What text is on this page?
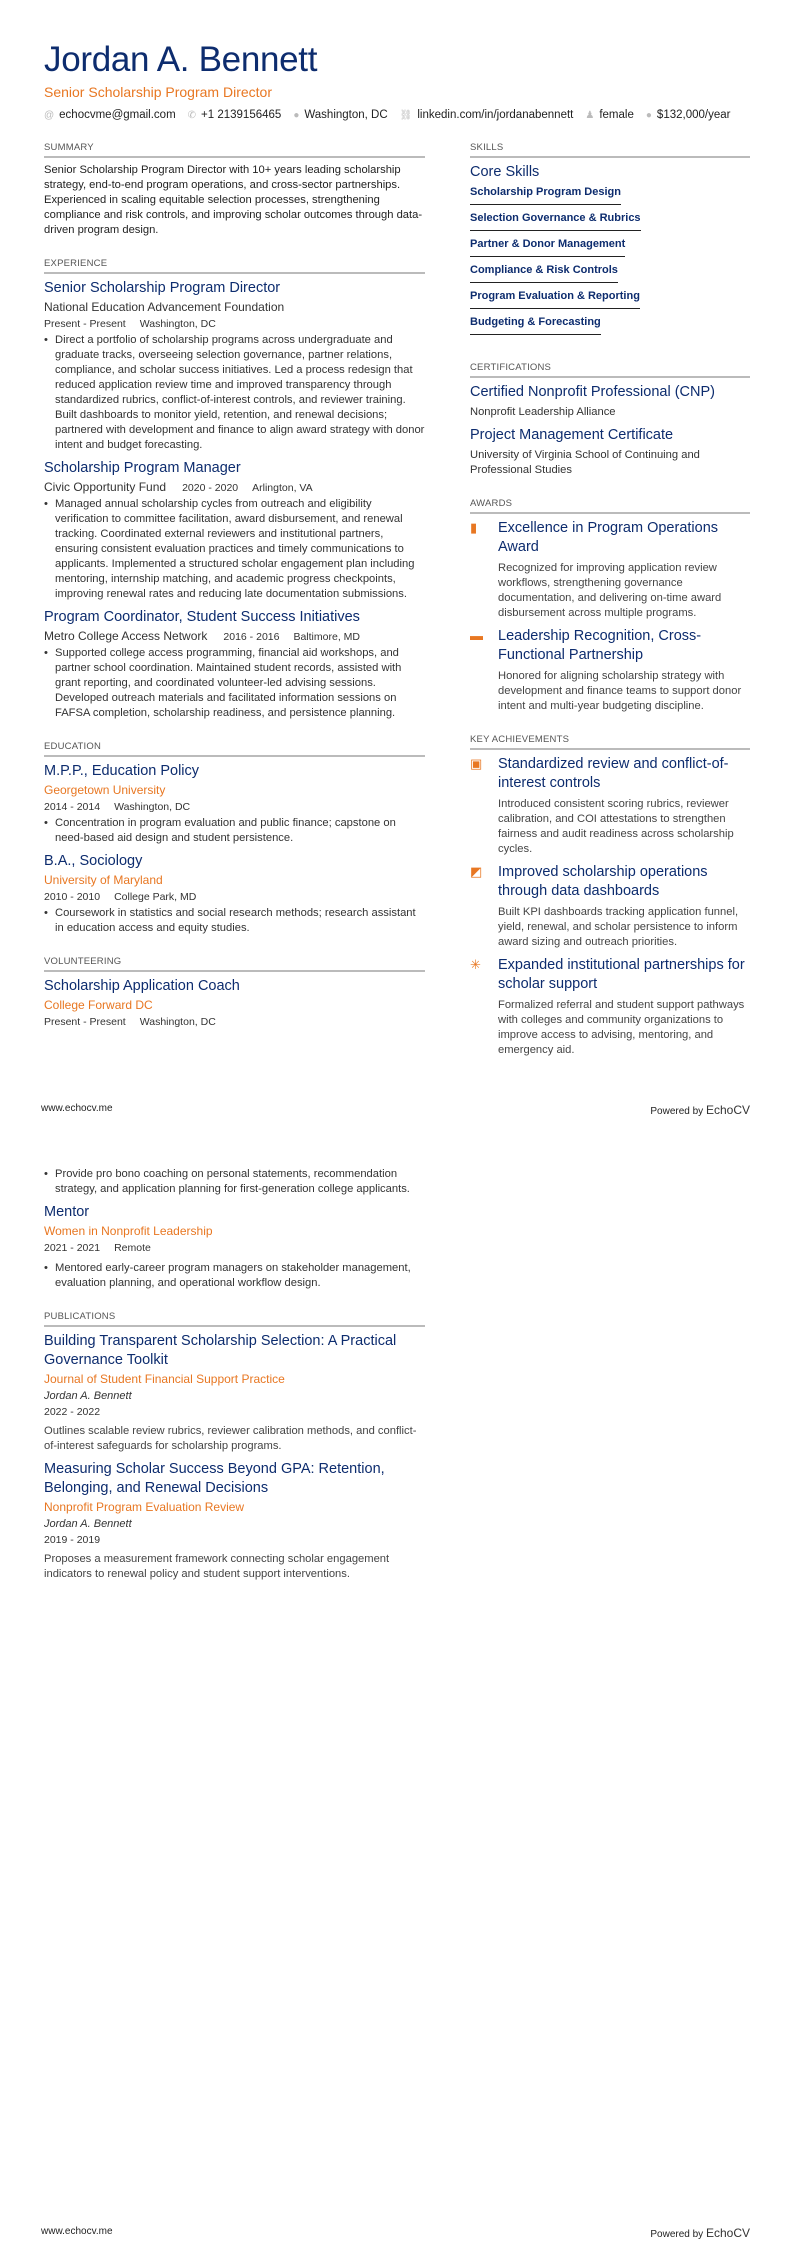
Jordan A. Bennett
Senior Scholarship Program Director
@ echocvme@gmail.com ✆ +1 2139156465 ● Washington, DC ⛓ linkedin.com/in/jordanabennett ♟ female ● $132,000/year
SUMMARY
Senior Scholarship Program Director with 10+ years leading scholarship strategy, end-to-end program operations, and cross-sector partnerships. Experienced in scaling equitable selection processes, strengthening compliance and risk controls, and improving scholar outcomes through data-driven program design.
EXPERIENCE
Senior Scholarship Program Director
National Education Advancement Foundation
Present - Present Washington, DC
• Direct a portfolio of scholarship programs across undergraduate and graduate tracks, overseeing selection governance, partner relations, compliance, and scholar success initiatives. Led a process redesign that reduced application review time and improved transparency through standardized rubrics, conflict-of-interest controls, and reviewer training. Built dashboards to monitor yield, retention, and renewal decisions; partnered with development and finance to align award strategy with donor intent and budget forecasting.
Scholarship Program Manager
Civic Opportunity Fund 2020 - 2020 Arlington, VA
• Managed annual scholarship cycles from outreach and eligibility verification to committee facilitation, award disbursement, and renewal tracking. Coordinated external reviewers and institutional partners, ensuring consistent evaluation practices and timely communications to applicants. Implemented a structured scholar engagement plan including mentoring, internship matching, and academic progress checkpoints, improving renewal rates and reducing late documentation submissions.
Program Coordinator, Student Success Initiatives
Metro College Access Network 2016 - 2016 Baltimore, MD
• Supported college access programming, financial aid workshops, and partner school coordination. Maintained student records, assisted with grant reporting, and coordinated volunteer-led advising sessions. Developed outreach materials and facilitated information sessions on FAFSA completion, scholarship readiness, and persistence planning.
EDUCATION
M.P.P., Education Policy
Georgetown University
2014 - 2014 Washington, DC
• Concentration in program evaluation and public finance; capstone on need-based aid design and student persistence.
B.A., Sociology
University of Maryland
2010 - 2010 College Park, MD
• Coursework in statistics and social research methods; research assistant in education access and equity studies.
VOLUNTEERING
Scholarship Application Coach
College Forward DC
Present - Present Washington, DC
SKILLS
Core Skills
Scholarship Program Design
Selection Governance & Rubrics
Partner & Donor Management
Compliance & Risk Controls
Program Evaluation & Reporting
Budgeting & Forecasting
CERTIFICATIONS
Certified Nonprofit Professional (CNP)
Nonprofit Leadership Alliance
Project Management Certificate
University of Virginia School of Continuing and Professional Studies
AWARDS
▮	Excellence in Program Operations Award
Recognized for improving application review workflows, strengthening governance documentation, and delivering on-time award disbursement across multiple programs.
▬ Leadership Recognition, Cross-Functional Partnership
Honored for aligning scholarship strategy with development and finance teams to support donor intent and multi-year budgeting discipline.
KEY ACHIEVEMENTS
▣ Standardized review and conflict-of-interest controls
Introduced consistent scoring rubrics, reviewer calibration, and COI attestations to strengthen fairness and audit readiness across scholarship cycles.
◩ Improved scholarship operations through data dashboards
Built KPI dashboards tracking application funnel, yield, renewal, and scholar persistence to inform award sizing and outreach priorities.
✳ Expanded institutional partnerships for scholar support
Formalized referral and student support pathways with colleges and community organizations to improve access to advising, mentoring, and emergency aid.
www.echocv.me	Powered by EchoCV
• Provide pro bono coaching on personal statements, recommendation strategy, and application planning for first-generation college applicants.
Mentor
Women in Nonprofit Leadership
2021 - 2021 Remote
• Mentored early-career program managers on stakeholder management, evaluation planning, and operational workflow design.
PUBLICATIONS
Building Transparent Scholarship Selection: A Practical Governance Toolkit
Journal of Student Financial Support Practice
Jordan A. Bennett
2022 - 2022
Outlines scalable review rubrics, reviewer calibration methods, and conflict-of-interest safeguards for scholarship programs.
Measuring Scholar Success Beyond GPA: Retention, Belonging, and Renewal Decisions
Nonprofit Program Evaluation Review
Jordan A. Bennett
2019 - 2019
Proposes a measurement framework connecting scholar engagement indicators to renewal policy and student support interventions.
www.echocv.me	Powered by EchoCV
